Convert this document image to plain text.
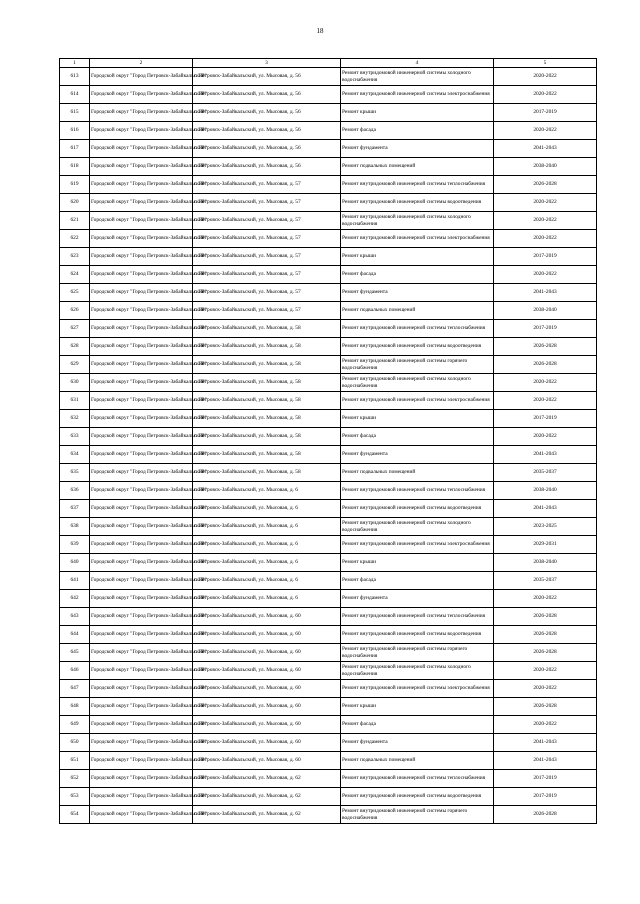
18
1	2	3	4	5
613	Городской округ "Город Петровск-Забайкальский"	г. Петровск-Забайкальский, ул. Мысовая, д. 56	Ремонт внутридомовой инженерной системы холодного водоснабжения	2020-2022
614	Городской округ "Город Петровск-Забайкальский"	г. Петровск-Забайкальский, ул. Мысовая, д. 56	Ремонт внутридомовой инженерной системы электроснабжения	2020-2022
615	Городской округ "Город Петровск-Забайкальский"	г. Петровск-Забайкальский, ул. Мысовая, д. 56	Ремонт крыши	2017-2019
616	Городской округ "Город Петровск-Забайкальский"	г. Петровск-Забайкальский, ул. Мысовая, д. 56	Ремонт фасада	2020-2022
617	Городской округ "Город Петровск-Забайкальский"	г. Петровск-Забайкальский, ул. Мысовая, д. 56	Ремонт фундамента	2041-2043
618	Городской округ "Город Петровск-Забайкальский"	г. Петровск-Забайкальский, ул. Мысовая, д. 56	Ремонт подвальных помещений	2038-2040
619	Городской округ "Город Петровск-Забайкальский"	г. Петровск-Забайкальский, ул. Мысовая, д. 57	Ремонт внутридомовой инженерной системы теплоснабжения	2026-2028
620	Городской округ "Город Петровск-Забайкальский"	г. Петровск-Забайкальский, ул. Мысовая, д. 57	Ремонт внутридомовой инженерной системы водоотведения	2020-2022
621	Городской округ "Город Петровск-Забайкальский"	г. Петровск-Забайкальский, ул. Мысовая, д. 57	Ремонт внутридомовой инженерной системы холодного водоснабжения	2020-2022
622	Городской округ "Город Петровск-Забайкальский"	г. Петровск-Забайкальский, ул. Мысовая, д. 57	Ремонт внутридомовой инженерной системы электроснабжения	2020-2022
623	Городской округ "Город Петровск-Забайкальский"	г. Петровск-Забайкальский, ул. Мысовая, д. 57	Ремонт крыши	2017-2019
624	Городской округ "Город Петровск-Забайкальский"	г. Петровск-Забайкальский, ул. Мысовая, д. 57	Ремонт фасада	2020-2022
625	Городской округ "Город Петровск-Забайкальский"	г. Петровск-Забайкальский, ул. Мысовая, д. 57	Ремонт фундамента	2041-2043
626	Городской округ "Город Петровск-Забайкальский"	г. Петровск-Забайкальский, ул. Мысовая, д. 57	Ремонт подвальных помещений	2038-2040
627	Городской округ "Город Петровск-Забайкальский"	г. Петровск-Забайкальский, ул. Мысовая, д. 58	Ремонт внутридомовой инженерной системы теплоснабжения	2017-2019
628	Городской округ "Город Петровск-Забайкальский"	г. Петровск-Забайкальский, ул. Мысовая, д. 58	Ремонт внутридомовой инженерной системы водоотведения	2026-2028
629	Городской округ "Город Петровск-Забайкальский"	г. Петровск-Забайкальский, ул. Мысовая, д. 58	Ремонт внутридомовой инженерной системы горячего водоснабжения	2026-2028
630	Городской округ "Город Петровск-Забайкальский"	г. Петровск-Забайкальский, ул. Мысовая, д. 58	Ремонт внутридомовой инженерной системы холодного водоснабжения	2020-2022
631	Городской округ "Город Петровск-Забайкальский"	г. Петровск-Забайкальский, ул. Мысовая, д. 58	Ремонт внутридомовой инженерной системы электроснабжения	2020-2022
632	Городской округ "Город Петровск-Забайкальский"	г. Петровск-Забайкальский, ул. Мысовая, д. 58	Ремонт крыши	2017-2019
633	Городской округ "Город Петровск-Забайкальский"	г. Петровск-Забайкальский, ул. Мысовая, д. 58	Ремонт фасада	2020-2022
634	Городской округ "Город Петровск-Забайкальский"	г. Петровск-Забайкальский, ул. Мысовая, д. 58	Ремонт фундамента	2041-2043
635	Городской округ "Город Петровск-Забайкальский"	г. Петровск-Забайкальский, ул. Мысовая, д. 58	Ремонт подвальных помещений	2035-2037
636	Городской округ "Город Петровск-Забайкальский"	г. Петровск-Забайкальский, ул. Мысовая, д. 6	Ремонт внутридомовой инженерной системы теплоснабжения	2038-2040
637	Городской округ "Город Петровск-Забайкальский"	г. Петровск-Забайкальский, ул. Мысовая, д. 6	Ремонт внутридомовой инженерной системы водоотведения	2041-2043
638	Городской округ "Город Петровск-Забайкальский"	г. Петровск-Забайкальский, ул. Мысовая, д. 6	Ремонт внутридомовой инженерной системы холодного водоснабжения	2023-2025
639	Городской округ "Город Петровск-Забайкальский"	г. Петровск-Забайкальский, ул. Мысовая, д. 6	Ремонт внутридомовой инженерной системы электроснабжения	2029-2031
640	Городской округ "Город Петровск-Забайкальский"	г. Петровск-Забайкальский, ул. Мысовая, д. 6	Ремонт крыши	2038-2040
641	Городской округ "Город Петровск-Забайкальский"	г. Петровск-Забайкальский, ул. Мысовая, д. 6	Ремонт фасада	2035-2037
642	Городской округ "Город Петровск-Забайкальский"	г. Петровск-Забайкальский, ул. Мысовая, д. 6	Ремонт фундамента	2020-2022
643	Городской округ "Город Петровск-Забайкальский"	г. Петровск-Забайкальский, ул. Мысовая, д. 60	Ремонт внутридомовой инженерной системы теплоснабжения	2026-2028
644	Городской округ "Город Петровск-Забайкальский"	г. Петровск-Забайкальский, ул. Мысовая, д. 60	Ремонт внутридомовой инженерной системы водоотведения	2026-2028
645	Городской округ "Город Петровск-Забайкальский"	г. Петровск-Забайкальский, ул. Мысовая, д. 60	Ремонт внутридомовой инженерной системы горячего водоснабжения	2026-2028
646	Городской округ "Город Петровск-Забайкальский"	г. Петровск-Забайкальский, ул. Мысовая, д. 60	Ремонт внутридомовой инженерной системы холодного водоснабжения	2020-2022
647	Городской округ "Город Петровск-Забайкальский"	г. Петровск-Забайкальский, ул. Мысовая, д. 60	Ремонт внутридомовой инженерной системы электроснабжения	2020-2022
648	Городской округ "Город Петровск-Забайкальский"	г. Петровск-Забайкальский, ул. Мысовая, д. 60	Ремонт крыши	2026-2028
649	Городской округ "Город Петровск-Забайкальский"	г. Петровск-Забайкальский, ул. Мысовая, д. 60	Ремонт фасада	2020-2022
650	Городской округ "Город Петровск-Забайкальский"	г. Петровск-Забайкальский, ул. Мысовая, д. 60	Ремонт фундамента	2041-2043
651	Городской округ "Город Петровск-Забайкальский"	г. Петровск-Забайкальский, ул. Мысовая, д. 60	Ремонт подвальных помещений	2041-2043
652	Городской округ "Город Петровск-Забайкальский"	г. Петровск-Забайкальский, ул. Мысовая, д. 62	Ремонт внутридомовой инженерной системы теплоснабжения	2017-2019
653	Городской округ "Город Петровск-Забайкальский"	г. Петровск-Забайкальский, ул. Мысовая, д. 62	Ремонт внутридомовой инженерной системы водоотведения	2017-2019
654	Городской округ "Город Петровск-Забайкальский"	г. Петровск-Забайкальский, ул. Мысовая, д. 62	Ремонт внутридомовой инженерной системы горячего водоснабжения	2026-2028
